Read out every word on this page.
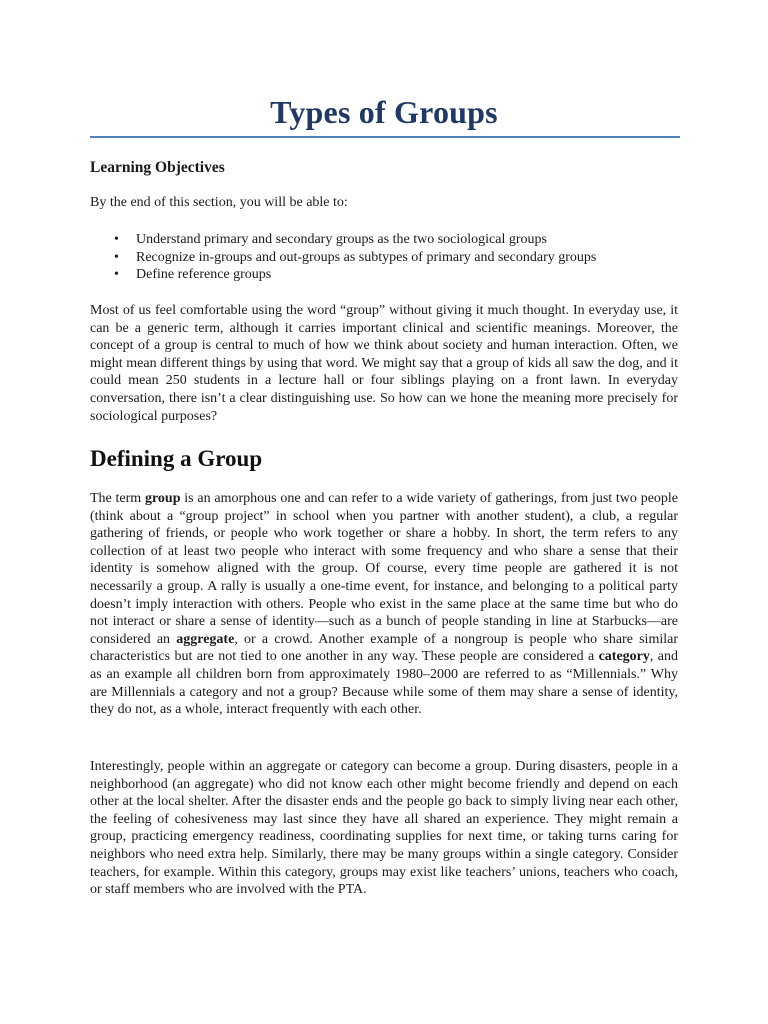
Types of Groups
Learning Objectives

By the end of this section, you will be able to:

• Understand primary and secondary groups as the two sociological groups
• Recognize in-groups and out-groups as subtypes of primary and secondary groups
• Define reference groups

Most of us feel comfortable using the word “group” without giving it much thought. In everyday use, it can be a generic term, although it carries important clinical and scientific meanings. Moreover, the concept of a group is central to much of how we think about society and human interaction. Often, we might mean different things by using that word. We might say that a group of kids all saw the dog, and it could mean 250 students in a lecture hall or four siblings playing on a front lawn. In everyday conversation, there isn’t a clear distinguishing use. So how can we hone the meaning more precisely for sociological purposes?

Defining a Group

The term group is an amorphous one and can refer to a wide variety of gatherings, from just two people (think about a “group project” in school when you partner with another student), a club, a regular gathering of friends, or people who work together or share a hobby. In short, the term refers to any collection of at least two people who interact with some frequency and who share a sense that their identity is somehow aligned with the group. Of course, every time people are gathered it is not necessarily a group. A rally is usually a one-time event, for instance, and belonging to a political party doesn’t imply interaction with others. People who exist in the same place at the same time but who do not interact or share a sense of identity—such as a bunch of people standing in line at Starbucks—are considered an aggregate, or a crowd. Another example of a nongroup is people who share similar characteristics but are not tied to one another in any way. These people are considered a category, and as an example all children born from approximately 1980–2000 are referred to as “Millennials.” Why are Millennials a category and not a group? Because while some of them may share a sense of identity, they do not, as a whole, interact frequently with each other.

Interestingly, people within an aggregate or category can become a group. During disasters, people in a neighborhood (an aggregate) who did not know each other might become friendly and depend on each other at the local shelter. After the disaster ends and the people go back to simply living near each other, the feeling of cohesiveness may last since they have all shared an experience. They might remain a group, practicing emergency readiness, coordinating supplies for next time, or taking turns caring for neighbors who need extra help. Similarly, there may be many groups within a single category. Consider teachers, for example. Within this category, groups may exist like teachers’ unions, teachers who coach, or staff members who are involved with the PTA.
